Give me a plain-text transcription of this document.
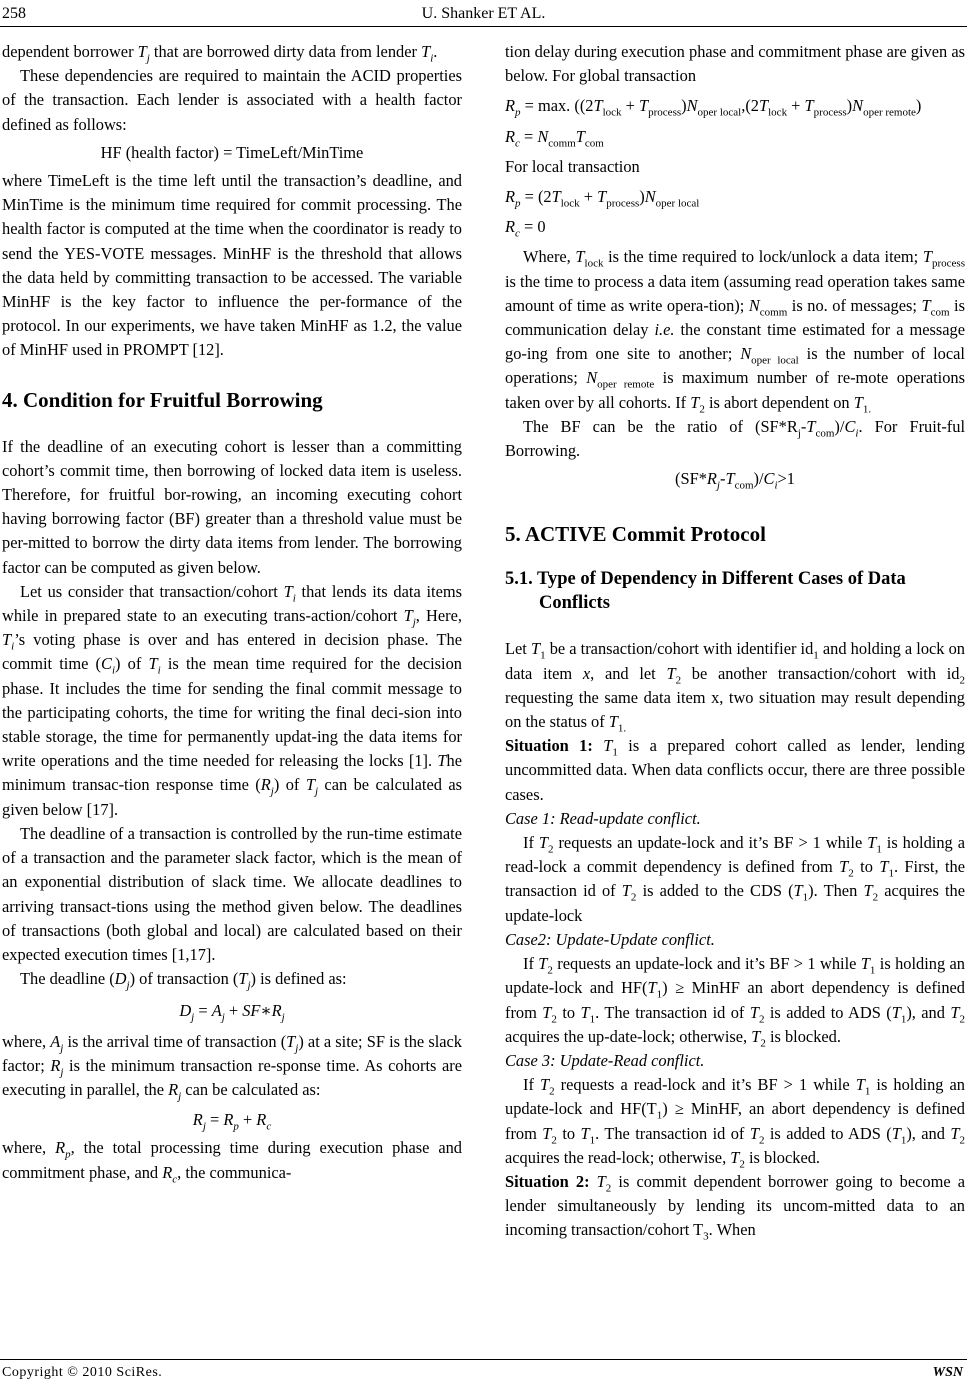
258	U. Shanker ET AL.

dependent borrower $T_j$ that are borrowed dirty data from lender $T_i$.

These dependencies are required to maintain the ACID properties of the transaction. Each lender is associated with a health factor defined as follows:

HF (health factor) = TimeLeft/MinTime

where TimeLeft is the time left until the transaction’s deadline, and MinTime is the minimum time required for commit processing. The health factor is computed at the time when the coordinator is ready to send the YES-VOTE messages. MinHF is the threshold that allows the data held by committing transaction to be accessed. The variable MinHF is the key factor to influence the per-formance of the protocol. In our experiments, we have taken MinHF as 1.2, the value of MinHF used in PROMPT [12].

4. Condition for Fruitful Borrowing

If the deadline of an executing cohort is lesser than a committing cohort’s commit time, then borrowing of locked data item is useless. Therefore, for fruitful bor-rowing, an incoming executing cohort having borrowing factor (BF) greater than a threshold value must be per-mitted to borrow the dirty data items from lender. The borrowing factor can be computed as given below.

Let us consider that transaction/cohort $T_i$ that lends its data items while in prepared state to an executing trans-action/cohort $T_j$, Here, $T_i’s$ voting phase is over and has entered in decision phase. The commit time $(C_i)$ of $T_i$ is the mean time required for the decision phase. It includes the time for sending the final commit message to the participating cohorts, the time for writing the final deci-sion into stable storage, the time for permanently updat-ing the data items for write operations and the time needed for releasing the locks [1]. The minimum transac-tion response time $(R_j)$ of $T_j$ can be calculated as given below [17].

The deadline of a transaction is controlled by the run-time estimate of a transaction and the parameter slack factor, which is the mean of an exponential distribution of slack time. We allocate deadlines to arriving transact-tions using the method given below. The deadlines of transactions (both global and local) are calculated based on their expected execution times [1,17].

The deadline $(D_j)$ of transaction $(T_j)$ is defined as:

$D_j = A_j$ + $SF∗R_j$

where, $A_j$ is the arrival time of transaction $(T_j)$ at a site; SF is the slack factor; $R_j$ is the minimum transaction re-sponse time. As cohorts are executing in parallel, the $R_j$ can be calculated as:

$R_j = R_p + R_c$

where, $R_p$, the total processing time during execution phase and commitment phase, and $R_c$, the communica-

tion delay during execution phase and commitment phase are given as below. For global transaction

$R_p = \max$. $((2T_{lock} + T_{process})N_{oper local},(2T_{lock} + T_{process})N_{oper remote})$

$R_c = N_{comm}T_{com}$

For local transaction

$R_p = (2T_{lock} + T_{process})N_{oper local}$

$R_c = 0$

Where, $T_{lock}$ is the time required to lock/unlock a data item; $T_{process}$ is the time to process a data item (assuming read operation takes same amount of time as write opera-tion); $N_{comm}$ is no. of messages; $T_{com}$ is communication delay i.e. the constant time estimated for a message go-ing from one site to another; $N_{oper local}$ is the number of local operations; $N_{oper remote}$ is maximum number of re-mote operations taken over by all cohorts. If $T_2$ is abort dependent on $T_{1.}$

The BF can be the ratio of $(SF*R_j-T_{com})/C_i$. For Fruit-ful Borrowing.

$(SF*R_j-T_{com})/C_i>1$

5. ACTIVE Commit Protocol
5.1. Type of Dependency in Different Cases of Data Conflicts

Let $T_1$ be a transaction/cohort with identifier $id_1$ and holding a lock on data item x, and let $T_2$ be another transaction/cohort with $id_2$ requesting the same data item x, two situation may result depending on the status of $T_{1.}$

Situation 1: $T_1$ is a prepared cohort called as lender, lending uncommitted data. When data conflicts occur, there are three possible cases.

Case 1: Read-update conflict.

If $T_2$ requests an update-lock and it’s BF > 1 while $T_1$ is holding a read-lock a commit dependency is defined from $T_2$ to $T_1$. First, the transaction id of $T_2$ is added to the CDS $(T_1)$. Then $T_2$ acquires the update-lock

Case2: Update-Update conflict.

If $T_2$ requests an update-lock and it’s BF > 1 while $T_1$ is holding an update-lock and $HF(T_1)$ ≥ MinHF an abort dependency is defined from $T_2$ to $T_1$. The transaction id of $T_2$ is added to ADS $(T_1)$, and $T_2$ acquires the up-date-lock; otherwise, $T_2$ is blocked.

Case 3: Update-Read conflict.

If $T_2$ requests a read-lock and it’s BF > 1 while $T_1$ is holding an update-lock and $HF(T_1)$ ≥ MinHF, an abort dependency is defined from $T_2$ to $T_1$. The transaction id of $T_2$ is added to ADS $(T_1)$, and $T_2$ acquires the read-lock; otherwise, $T_2$ is blocked.

Situation 2: $T_2$ is commit dependent borrower going to become a lender simultaneously by lending its uncom-mitted data to an incoming transaction/cohort $T_3$. When

Copyright © 2010 SciRes.	WSN
